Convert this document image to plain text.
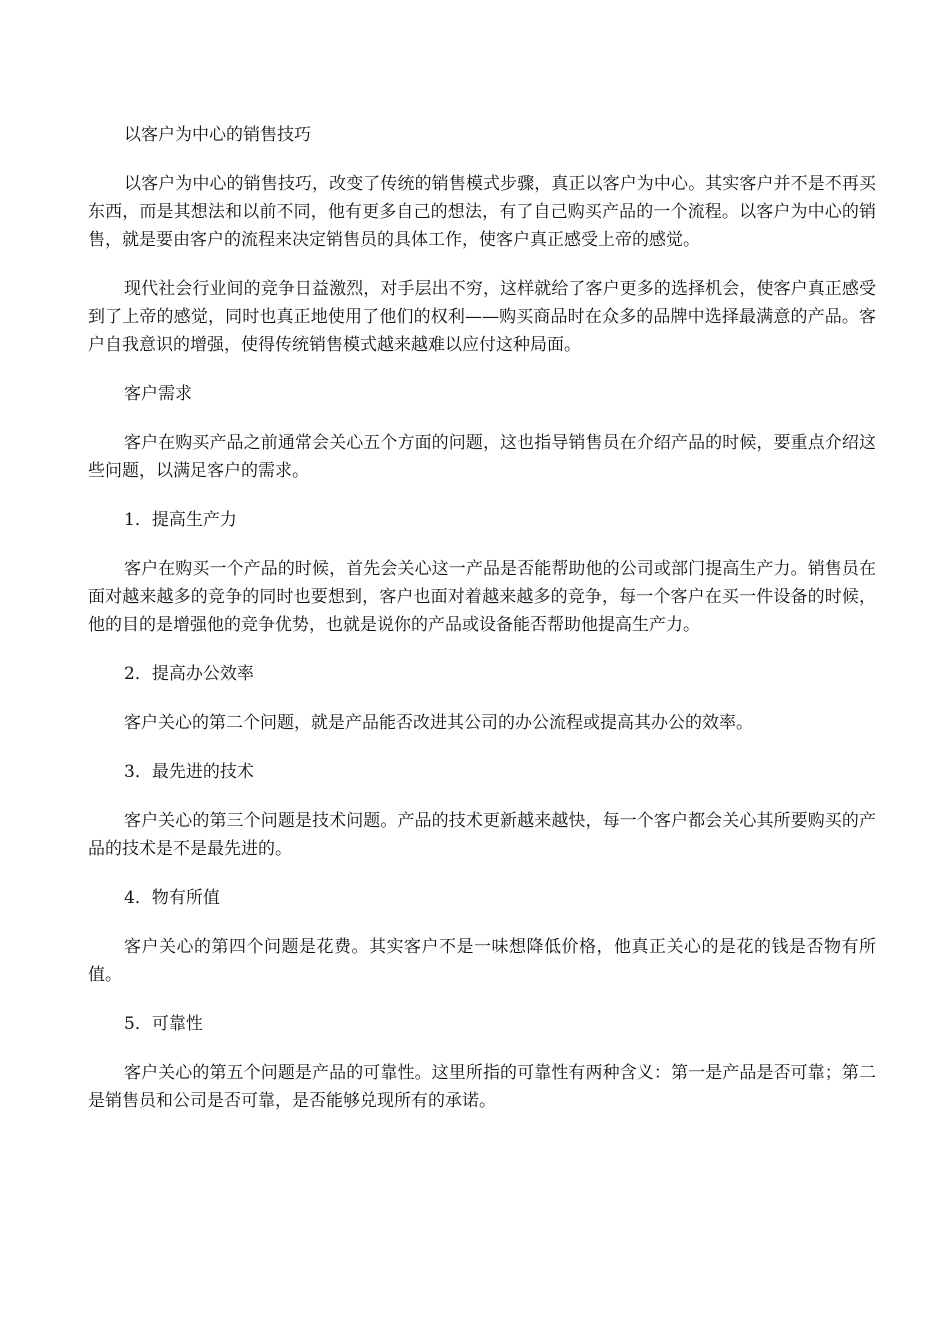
以客户为中心的销售技巧

以客户为中心的销售技巧，改变了传统的销售模式步骤，真正以客户为中心。其实客户并不是不再买东西，而是其想法和以前不同，他有更多自己的想法，有了自己购买产品的一个流程。以客户为中心的销售，就是要由客户的流程来决定销售员的具体工作，使客户真正感受上帝的感觉。

现代社会行业间的竞争日益激烈，对手层出不穷，这样就给了客户更多的选择机会，使客户真正感受到了上帝的感觉，同时也真正地使用了他们的权利——购买商品时在众多的品牌中选择最满意的产品。客户自我意识的增强，使得传统销售模式越来越难以应付这种局面。

客户需求

客户在购买产品之前通常会关心五个方面的问题，这也指导销售员在介绍产品的时候，要重点介绍这些问题，以满足客户的需求。

1．提高生产力

客户在购买一个产品的时候，首先会关心这一产品是否能帮助他的公司或部门提高生产力。销售员在面对越来越多的竞争的同时也要想到，客户也面对着越来越多的竞争，每一个客户在买一件设备的时候，他的目的是增强他的竞争优势，也就是说你的产品或设备能否帮助他提高生产力。

2．提高办公效率

客户关心的第二个问题，就是产品能否改进其公司的办公流程或提高其办公的效率。

3．最先进的技术

客户关心的第三个问题是技术问题。产品的技术更新越来越快，每一个客户都会关心其所要购买的产品的技术是不是最先进的。

4．物有所值

客户关心的第四个问题是花费。其实客户不是一味想降低价格，他真正关心的是花的钱是否物有所值。

5．可靠性

客户关心的第五个问题是产品的可靠性。这里所指的可靠性有两种含义：第一是产品是否可靠；第二是销售员和公司是否可靠，是否能够兑现所有的承诺。
